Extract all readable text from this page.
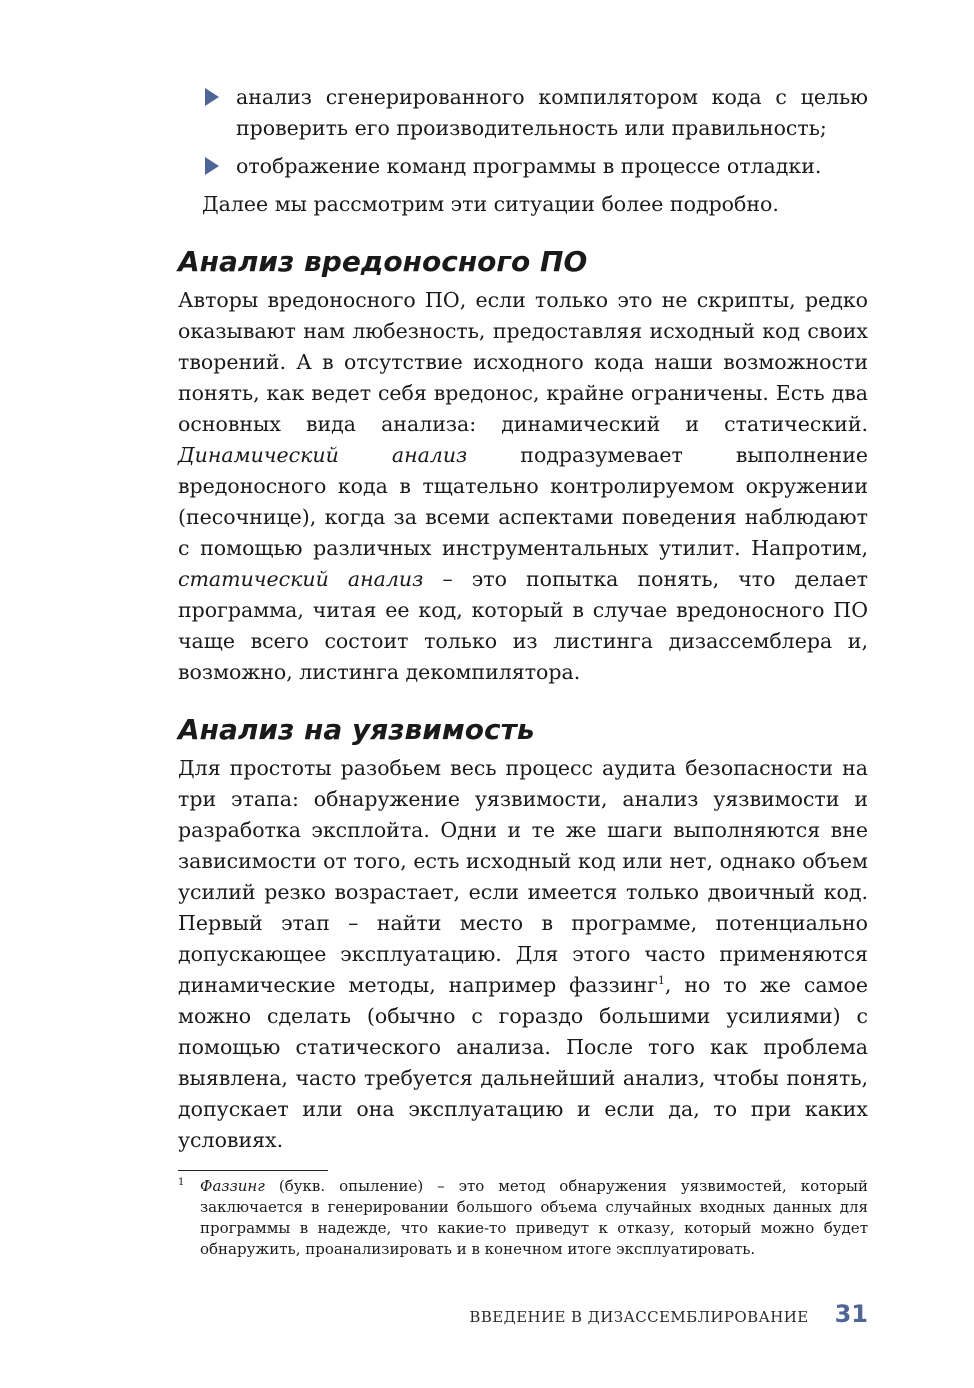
анализ сгенерированного компилятором кода с целью проверить его производительность или правильность;
отображение команд программы в процессе отладки.

Далее мы рассмотрим эти ситуации более подробно.

Анализ вредоносного ПО

Авторы вредоносного ПО, если только это не скрипты, редко оказывают нам любезность, предоставляя исходный код своих творений. А в отсутствие исходного кода наши возможности понять, как ведет себя вредонос, крайне ограничены. Есть два основных вида анализа: динамический и статический. Динамический анализ подразумевает выполнение вредоносного кода в тщательно контролируемом окружении (песочнице), когда за всеми аспектами поведения наблюдают с помощью различных инструментальных утилит. Напротим, статический анализ – это попытка понять, что делает программа, читая ее код, который в случае вредоносного ПО чаще всего состоит только из листинга дизассемблера и, возможно, листинга декомпилятора.

Анализ на уязвимость

Для простоты разобьем весь процесс аудита безопасности на три этапа: обнаружение уязвимости, анализ уязвимости и разработка эксплойта. Одни и те же шаги выполняются вне зависимости от того, есть исходный код или нет, однако объем усилий резко возрастает, если имеется только двоичный код. Первый этап – найти место в программе, потенциально допускающее эксплуатацию. Для этого часто применяются динамические методы, например фаззинг$^1$, но то же самое можно сделать (обычно с гораздо большими усилиями) с помощью статического анализа. После того как проблема выявлена, часто требуется дальнейший анализ, чтобы понять, допускает или она эксплуатацию и если да, то при каких условиях.

1 Фаззинг (букв. опыление) – это метод обнаружения уязвимостей, который заключается в генерировании большого объема случайных входных данных для программы в надежде, что какие-то приведут к отказу, который можно будет обнаружить, проанализировать и в конечном итоге эксплуатировать.
ВВЕДЕНИЕ В ДИЗАССЕМБЛИРОВАНИЕ 31
